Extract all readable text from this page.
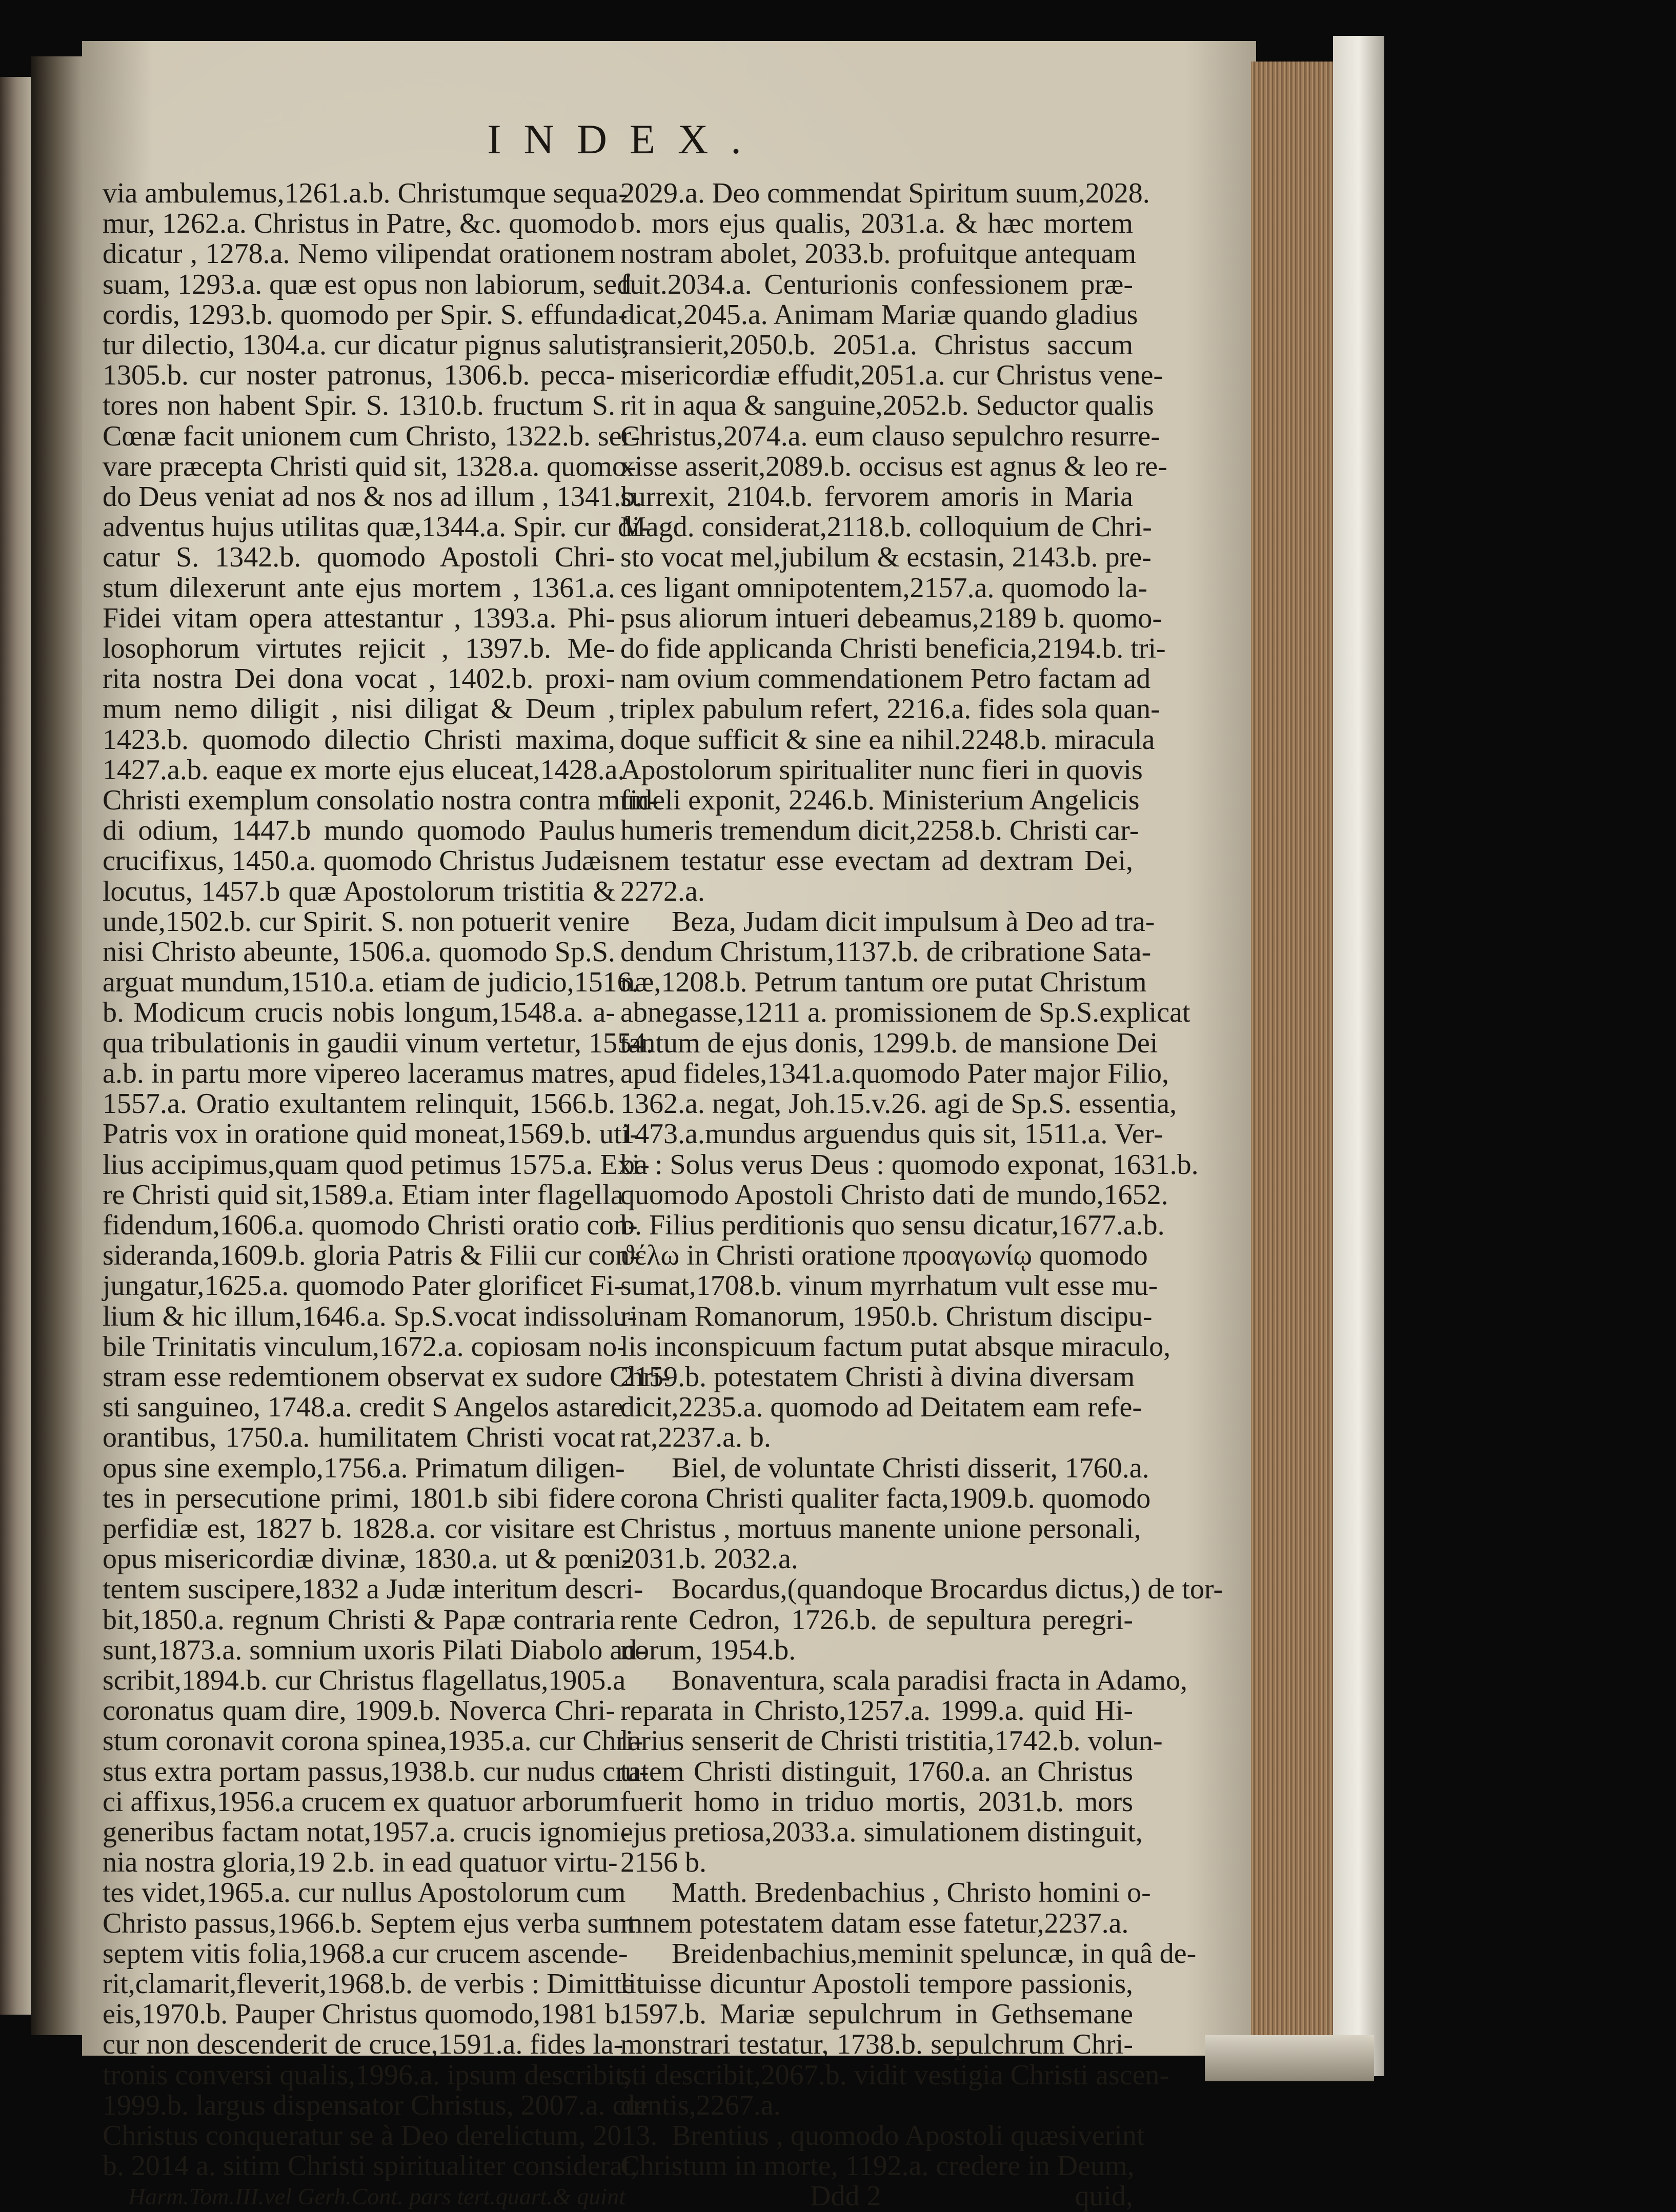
INDEX.

via ambulemus,1261.a.b. Christumque sequa-

mur, 1262.a. Christus in Patre, &c. quomodo

dicatur , 1278.a. Nemo vilipendat orationem

suam, 1293.a. quæ est opus non labiorum, sed

cordis, 1293.b. quomodo per Spir. S. effunda-

tur dilectio, 1304.a. cur dicatur pignus salutis,

1305.b. cur noster patronus, 1306.b. pecca-

tores non habent Spir. S. 1310.b. fructum S.

Cœnæ facit unionem cum Christo, 1322.b. ser-

vare præcepta Christi quid sit, 1328.a. quomo-

do Deus veniat ad nos & nos ad illum , 1341.b.

adventus hujus utilitas quæ,1344.a. Spir. cur di-

catur S. 1342.b. quomodo Apostoli Chri-

stum dilexerunt ante ejus mortem , 1361.a.

Fidei vitam opera attestantur , 1393.a. Phi-

losophorum virtutes rejicit , 1397.b. Me-

rita nostra Dei dona vocat , 1402.b. proxi-

mum nemo diligit , nisi diligat & Deum ,

1423.b. quomodo dilectio Christi maxima,

1427.a.b. eaque ex morte ejus eluceat,1428.a.

Christi exemplum consolatio nostra contra mun-

di odium, 1447.b mundo quomodo Paulus

crucifixus, 1450.a. quomodo Christus Judæis

locutus, 1457.b quæ Apostolorum tristitia &

unde,1502.b. cur Spirit. S. non potuerit venire

nisi Christo abeunte, 1506.a. quomodo Sp.S.

arguat mundum,1510.a. etiam de judicio,1516.

b. Modicum crucis nobis longum,1548.a. a-

qua tribulationis in gaudii vinum vertetur, 1554.

a.b. in partu more vipereo laceramus matres,

1557.a. Oratio exultantem relinquit, 1566.b.

Patris vox in oratione quid moneat,1569.b. uti-

lius accipimus,quam quod petimus 1575.a. Exi-

re Christi quid sit,1589.a. Etiam inter flagella

fidendum,1606.a. quomodo Christi oratio con-

sideranda,1609.b. gloria Patris & Filii cur con-

jungatur,1625.a. quomodo Pater glorificet Fi-

lium & hic illum,1646.a. Sp.S.vocat indissolu-

bile Trinitatis vinculum,1672.a. copiosam no-

stram esse redemtionem observat ex sudore Chri-

sti sanguineo, 1748.a. credit S Angelos astare

orantibus, 1750.a. humilitatem Christi vocat

opus sine exemplo,1756.a. Primatum diligen-

tes in persecutione primi, 1801.b sibi fidere

perfidiæ est, 1827 b. 1828.a. cor visitare est

opus misericordiæ divinæ, 1830.a. ut & pœni-

tentem suscipere,1832 a Judæ interitum descri-

bit,1850.a. regnum Christi & Papæ contraria

sunt,1873.a. somnium uxoris Pilati Diabolo ad-

scribit,1894.b. cur Christus flagellatus,1905.a

coronatus quam dire, 1909.b. Noverca Chri-

stum coronavit corona spinea,1935.a. cur Chri-

stus extra portam passus,1938.b. cur nudus cru-

ci affixus,1956.a crucem ex quatuor arborum

generibus factam notat,1957.a. crucis ignomi-

nia nostra gloria,19 2.b. in ead quatuor virtu-

tes videt,1965.a. cur nullus Apostolorum cum

Christo passus,1966.b. Septem ejus verba sunt

septem vitis folia,1968.a cur crucem ascende-

rit,clamarit,fleverit,1968.b. de verbis : Dimitte

eis,1970.b. Pauper Christus quomodo,1981 b.

cur non descenderit de cruce,1591.a. fides la-

tronis conversi qualis,1996.a. ipsum describit,

1999.b. largus dispensator Christus, 2007.a. cur

Christus conqueratur se à Deo derelictum, 2013.

b. 2014 a. sitim Christi spiritualiter considerat,

Harm.Tom.III.vel Gerh.Cont. pars tert.quart.& quint

2029.a. Deo commendat Spiritum suum,2028.

b. mors ejus qualis, 2031.a. & hæc mortem

nostram abolet, 2033.b. profuitque antequam

fuit.2034.a. Centurionis confessionem præ-

dicat,2045.a. Animam Mariæ quando gladius

transierit,2050.b. 2051.a. Christus saccum

misericordiæ effudit,2051.a. cur Christus vene-

rit in aqua & sanguine,2052.b. Seductor qualis

Christus,2074.a. eum clauso sepulchro resurre-

xisse asserit,2089.b. occisus est agnus & leo re-

surrexit, 2104.b. fervorem amoris in Maria

Magd. considerat,2118.b. colloquium de Chri-

sto vocat mel,jubilum & ecstasin, 2143.b. pre-

ces ligant omnipotentem,2157.a. quomodo la-

psus aliorum intueri debeamus,2189 b. quomo-

do fide applicanda Christi beneficia,2194.b. tri-

nam ovium commendationem Petro factam ad

triplex pabulum refert, 2216.a. fides sola quan-

doque sufficit & sine ea nihil.2248.b. miracula

Apostolorum spiritualiter nunc fieri in quovis

fideli exponit, 2246.b. Ministerium Angelicis

humeris tremendum dicit,2258.b. Christi car-

nem testatur esse evectam ad dextram Dei,

2272.a.

Beza, Judam dicit impulsum à Deo ad tra-

dendum Christum,1137.b. de cribratione Sata-

næ,1208.b. Petrum tantum ore putat Christum

abnegasse,1211 a. promissionem de Sp.S.explicat

tantum de ejus donis, 1299.b. de mansione Dei

apud fideles,1341.a.quomodo Pater major Filio,

1362.a. negat, Joh.15.v.26. agi de Sp.S. essentia,

1473.a.mundus arguendus quis sit, 1511.a. Ver-

ba : Solus verus Deus : quomodo exponat, 1631.b.

quomodo Apostoli Christo dati de mundo,1652.

b. Filius perditionis quo sensu dicatur,1677.a.b.

ϑέλω in Christi oratione προαγωνίῳ quomodo

sumat,1708.b. vinum myrrhatum vult esse mu-

rinam Romanorum, 1950.b. Christum discipu-

lis inconspicuum factum putat absque miraculo,

2159.b. potestatem Christi à divina diversam

dicit,2235.a. quomodo ad Deitatem eam refe-

rat,2237.a. b.

Biel, de voluntate Christi disserit, 1760.a.

corona Christi qualiter facta,1909.b. quomodo

Christus , mortuus manente unione personali,

2031.b. 2032.a.

Bocardus,(quandoque Brocardus dictus,) de tor-

rente Cedron, 1726.b. de sepultura peregri-

norum, 1954.b.

Bonaventura, scala paradisi fracta in Adamo,

reparata in Christo,1257.a. 1999.a. quid Hi-

larius senserit de Christi tristitia,1742.b. volun-

tatem Christi distinguit, 1760.a. an Christus

fuerit homo in triduo mortis, 2031.b. mors

ejus pretiosa,2033.a. simulationem distinguit,

2156 b.

Matth. Bredenbachius , Christo homini o-

mnem potestatem datam esse fatetur,2237.a.

Breidenbachius,meminit speluncæ, in quâ de-

lituisse dicuntur Apostoli tempore passionis,

1597.b. Mariæ sepulchrum in Gethsemane

monstrari testatur, 1738.b. sepulchrum Chri-

sti describit,2067.b. vidit vestigia Christi ascen-

dentis,2267.a.

Brentius , quomodo Apostoli quæsiverint

Christum in morte, 1192.a. credere in Deum,

Ddd 2	quid,
